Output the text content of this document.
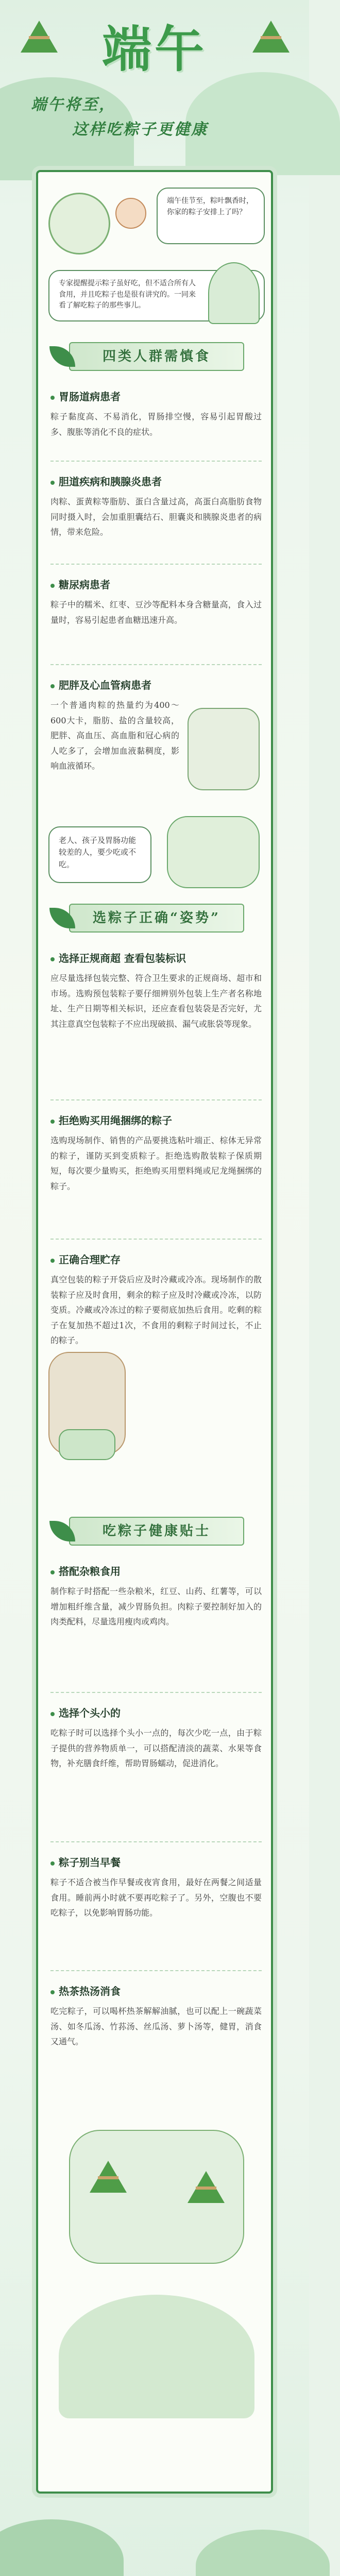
端午
端午将至，
这样吃粽子更健康
端午佳节至，粽叶飘香时，你家的粽子安排上了吗？
专家提醒提示粽子虽好吃，但不适合所有人食用，并且吃粽子也是很有讲究的。一同来看了解吃粽子的那些事儿。
四类人群需慎食
胃肠道病患者
粽子黏度高、不易消化，胃肠排空慢，容易引起胃酸过多、腹胀等消化不良的症状。
胆道疾病和胰腺炎患者
肉粽、蛋黄粽等脂肪、蛋白含量过高，高蛋白高脂肪食物同时摄入时，会加重胆囊结石、胆囊炎和胰腺炎患者的病情，带来危险。
糖尿病患者
粽子中的糯米、红枣、豆沙等配料本身含糖量高，食入过量时，容易引起患者血糖迅速升高。
肥胖及心血管病患者
一个普通肉粽的热量约为400～600大卡，脂肪、盐的含量较高，肥胖、高血压、高血脂和冠心病的人吃多了，会增加血液黏稠度，影响血液循环。
老人、孩子及胃肠功能较差的人，要少吃或不吃。
选粽子正确“姿势”
选择正规商超 查看包装标识
应尽量选择包装完整、符合卫生要求的正规商场、超市和市场。选购预包装粽子要仔细辨别外包装上生产者名称地址、生产日期等相关标识，还应查看包装袋是否完好，尤其注意真空包装粽子不应出现破损、漏气或胀袋等现象。
拒绝购买用绳捆绑的粽子
选购现场制作、销售的产品要挑选粘叶端正、棕体无异常的粽子，谨防买到变质粽子。拒绝选购散装粽子保质期短，每次要少量购买，拒绝购买用塑料绳或尼龙绳捆绑的粽子。
正确合理贮存
真空包装的粽子开袋后应及时冷藏或冷冻。现场制作的散装粽子应及时食用，剩余的粽子应及时冷藏或冷冻，以防变质。冷藏或冷冻过的粽子要彻底加热后食用。吃剩的粽子在复加热不超过1次，不食用的剩粽子时间过长，不止的粽子。
吃粽子健康贴士
搭配杂粮食用
制作粽子时搭配一些杂粮米，红豆、山药、红薯等，可以增加粗纤维含量，减少胃肠负担。肉粽子要控制好加入的肉类配料，尽量选用瘦肉或鸡肉。
选择个头小的
吃粽子时可以选择个头小一点的，每次少吃一点，由于粽子提供的营养物质单一，可以搭配清淡的蔬菜、水果等食物，补充膳食纤维，帮助胃肠蠕动，促进消化。
粽子别当早餐
粽子不适合被当作早餐或夜宵食用，最好在两餐之间适量食用。睡前两小时就不要再吃粽子了。另外，空腹也不要吃粽子，以免影响胃肠功能。
热茶热汤消食
吃完粽子，可以喝杯热茶解解油腻，也可以配上一碗蔬菜汤、如冬瓜汤、竹荪汤、丝瓜汤、萝卜汤等，健胃，消食又通气。
